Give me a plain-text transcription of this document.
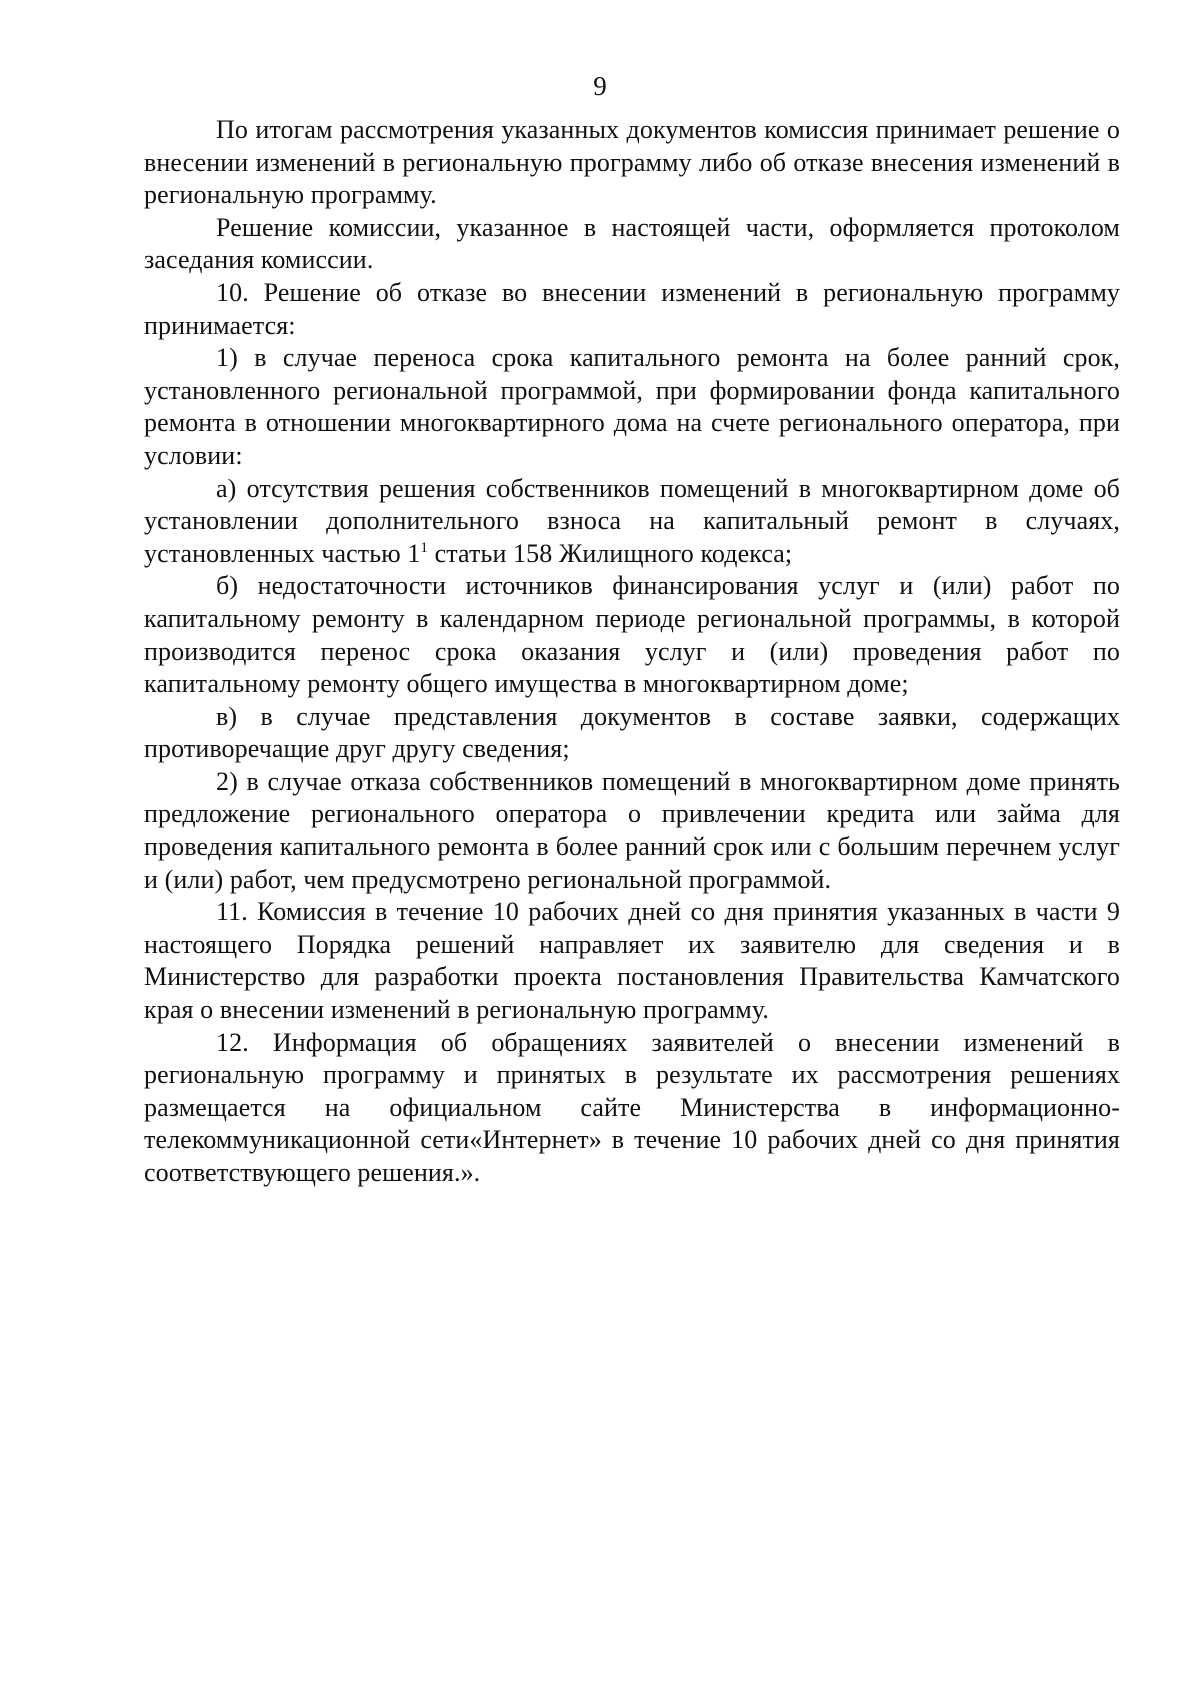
9

По итогам рассмотрения указанных документов комиссия принимает решение о внесении изменений в региональную программу либо об отказе внесения изменений в региональную программу.

Решение комиссии, указанное в настоящей части, оформляется протоколом заседания комиссии.

10. Решение об отказе во внесении изменений в региональную программу принимается:

1) в случае переноса срока капитального ремонта на более ранний срок, установленного региональной программой, при формировании фонда капитального ремонта в отношении многоквартирного дома на счете регионального оператора, при условии:

а) отсутствия решения собственников помещений в многоквартирном доме об установлении дополнительного взноса на капитальный ремонт в случаях, установленных частью $1^1$ статьи 158 Жилищного кодекса;

б) недостаточности источников финансирования услуг и (или) работ по капитальному ремонту в календарном периоде региональной программы, в которой производится перенос срока оказания услуг и (или) проведения работ по капитальному ремонту общего имущества в многоквартирном доме;

в) в случае представления документов в составе заявки, содержащих противоречащие друг другу сведения;

2) в случае отказа собственников помещений в многоквартирном доме принять предложение регионального оператора о привлечении кредита или займа для проведения капитального ремонта в более ранний срок или с большим перечнем услуг и (или) работ, чем предусмотрено региональной программой.

11. Комиссия в течение 10 рабочих дней со дня принятия указанных в части 9 настоящего Порядка решений направляет их заявителю для сведения и в Министерство для разработки проекта постановления Правительства Камчатского края о внесении изменений в региональную программу.

12. Информация об обращениях заявителей о внесении изменений в региональную программу и принятых в результате их рассмотрения решениях размещается на официальном сайте Министерства в информационно-телекоммуникационной сети«Интернет» в течение 10 рабочих дней со дня принятия соответствующего решения.».
